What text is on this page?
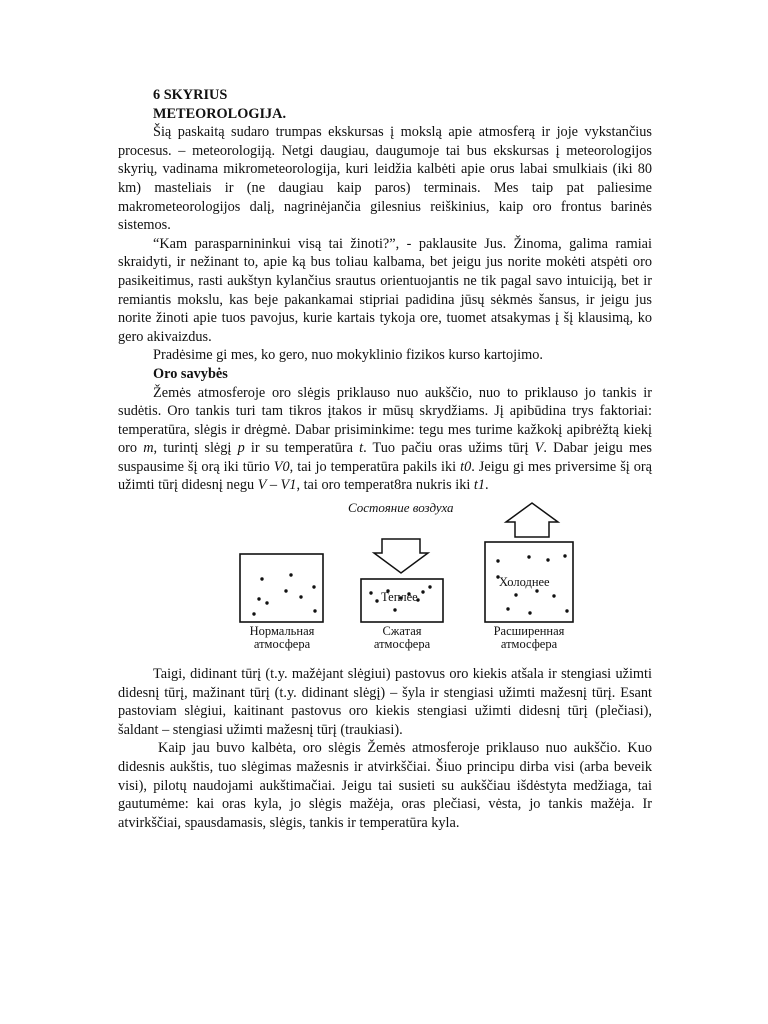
6 SKYRIUS

METEOROLOGIJA.

Šią paskaitą sudaro trumpas ekskursas į mokslą apie atmosferą ir joje vykstančius procesus. – meteorologiją. Netgi daugiau, daugumoje tai bus ekskursas į meteorologijos skyrių, vadinama mikrometeorologija, kuri leidžia kalbėti apie orus labai smulkiais (iki 80 km) masteliais ir (ne daugiau kaip paros) terminais. Mes taip pat paliesime makrometeorologijos dalį, nagrinėjančia gilesnius reiškinius, kaip oro frontus barinės sistemos.

“Kam parasparnininkui visą tai žinoti?”, - paklausite Jus. Žinoma, galima ramiai skraidyti, ir nežinant to, apie ką bus toliau kalbama, bet jeigu jus norite mokėti atspėti oro pasikeitimus, rasti aukštyn kylančius srautus orientuojantis ne tik pagal savo intuiciją, bet ir remiantis mokslu, kas beje pakankamai stipriai padidina jūsų sėkmės šansus, ir jeigu jus norite žinoti apie tuos pavojus, kurie kartais tykoja ore, tuomet atsakymas į šį klausimą, ko gero akivaizdus.

Pradėsime gi mes, ko gero, nuo mokyklinio fizikos kurso kartojimo.

Oro savybės

Žemės atmosferoje oro slėgis priklauso nuo aukščio, nuo to priklauso jo tankis ir sudėtis. Oro tankis turi tam tikros įtakos ir mūsų skrydžiams. Jį apibūdina trys faktoriai: temperatūra, slėgis ir drėgmė. Dabar prisiminkime: tegu mes turime kažkokį apibrėžtą kiekį oro m, turintį slėgį p ir su temperatūra t. Tuo pačiu oras užims tūrį V. Dabar jeigu mes suspausime šį orą iki tūrio V0, tai jo temperatūra pakils iki t0. Jeigu gi mes priversime šį orą užimti tūrį didesnį negu V – V1, tai oro temperat8ra nukris iki t1.

Состояние воздуха
Теплее
Холоднее
Нормальная
атмосфера
Сжатая
атмосфера
Расширенная
атмосфера

Taigi, didinant tūrį (t.y. mažėjant slėgiui) pastovus oro kiekis atšala ir stengiasi užimti didesnį tūrį, mažinant tūrį (t.y. didinant slėgį) – šyla ir stengiasi užimti mažesnį tūrį. Esant pastoviam slėgiui, kaitinant pastovus oro kiekis stengiasi užimti didesnį tūrį (plečiasi), šaldant – stengiasi užimti mažesnį tūrį (traukiasi).

Kaip jau buvo kalbėta, oro slėgis Žemės atmosferoje priklauso nuo aukščio. Kuo didesnis aukštis, tuo slėgimas mažesnis ir atvirkščiai. Šiuo principu dirba visi (arba beveik visi), pilotų naudojami aukštimačiai. Jeigu tai susieti su aukščiau išdėstyta medžiaga, tai gautumėme: kai oras kyla, jo slėgis mažėja, oras plečiasi, vėsta, jo tankis mažėja. Ir atvirkščiai, spausdamasis, slėgis, tankis ir temperatūra kyla.
